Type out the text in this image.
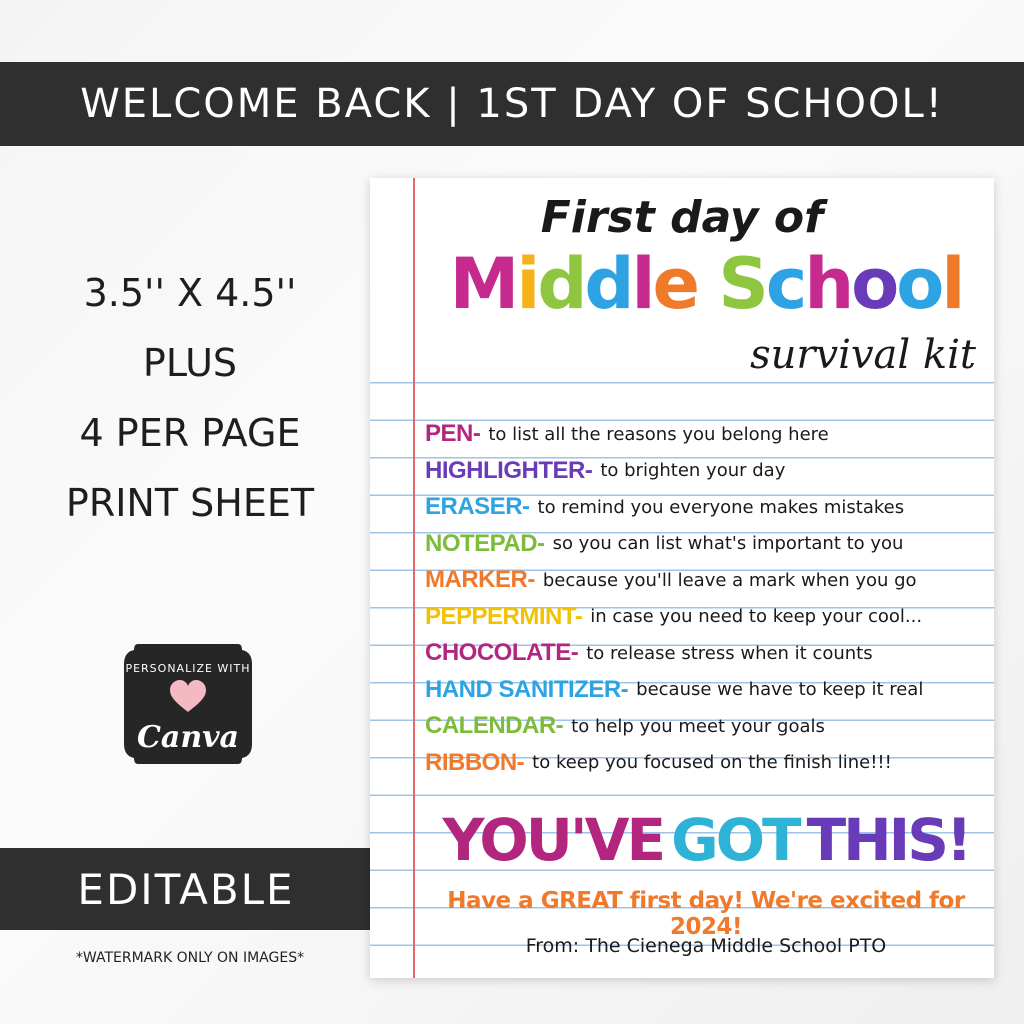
WELCOME BACK | 1ST DAY OF SCHOOL!
3.5'' X 4.5''
PLUS
4 PER PAGE
PRINT SHEET
PERSONALIZE WITH
Canva
EDITABLE
*WATERMARK ONLY ON IMAGES*
First day of
Middle School
survival kit
PEN- to list all the reasons you belong here
HIGHLIGHTER- to brighten your day
ERASER- to remind you everyone makes mistakes
NOTEPAD- so you can list what's important to you
MARKER- because you'll leave a mark when you go
PEPPERMINT- in case you need to keep your cool...
CHOCOLATE- to release stress when it counts
HAND SANITIZER- because we have to keep it real
CALENDAR- to help you meet your goals
RIBBON- to keep you focused on the finish line!!!
YOU'VE GOT THIS!
Have a GREAT first day! We're excited for 2024!
From: The Cienega Middle School PTO
